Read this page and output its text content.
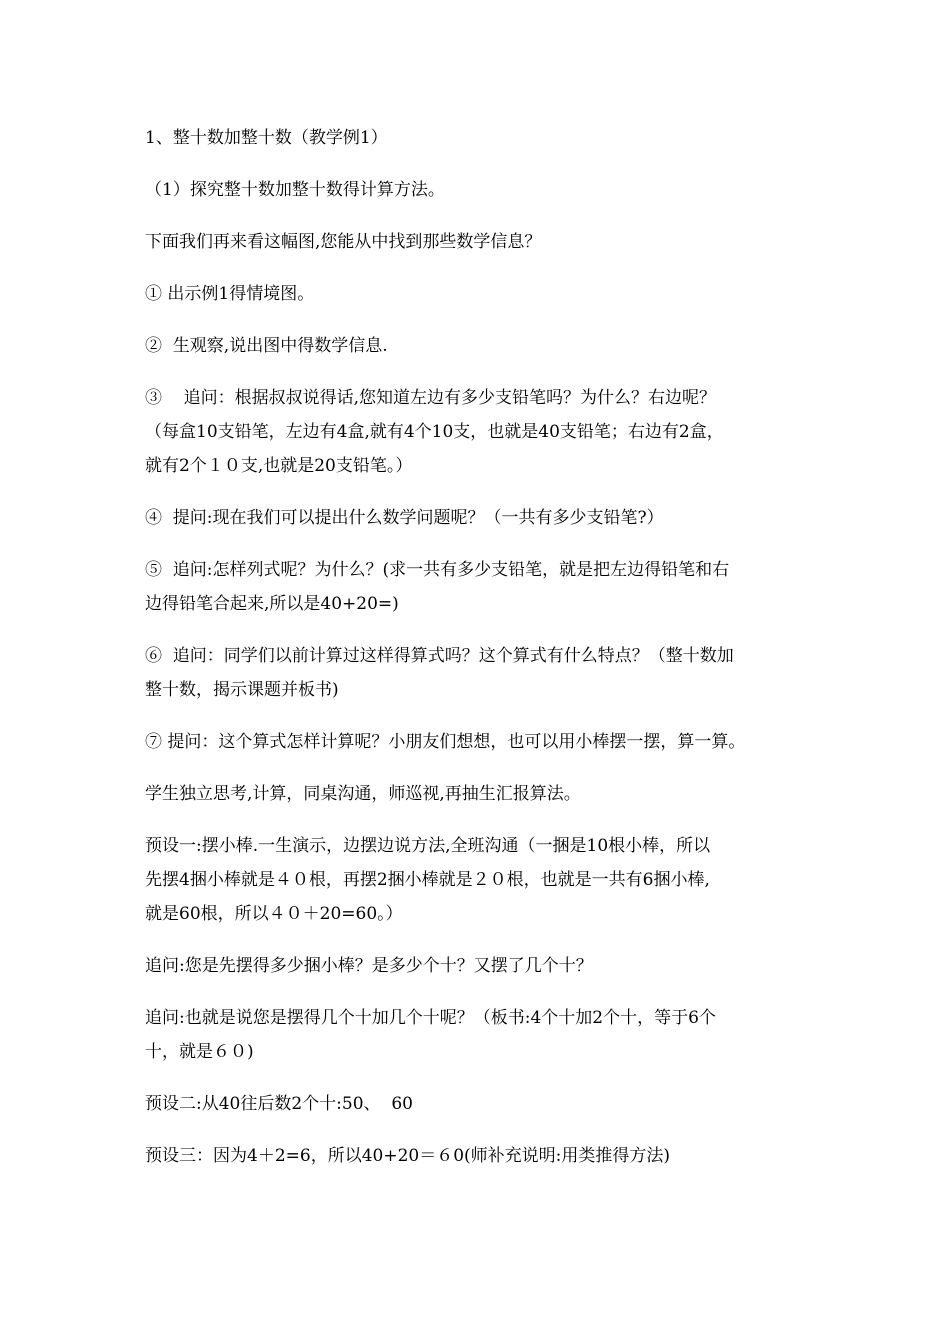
1、整十数加整十数（教学例1）
（1）探究整十数加整十数得计算方法。
下面我们再来看这幅图,您能从中找到那些数学信息？
① 出示例1得情境图。
②  生观察,说出图中得数学信息.
③    追问：根据叔叔说得话,您知道左边有多少支铅笔吗？为什么？右边呢？
（每盒10支铅笔，左边有4盒,就有4个10支，也就是40支铅笔；右边有2盒，
就有2个１０支,也就是20支铅笔。）
④  提问:现在我们可以提出什么数学问题呢？（一共有多少支铅笔?）
⑤  追问:怎样列式呢？为什么？(求一共有多少支铅笔，就是把左边得铅笔和右
边得铅笔合起来,所以是40+20=)
⑥  追问：同学们以前计算过这样得算式吗？这个算式有什么特点？（整十数加
整十数，揭示课题并板书)
⑦ 提问：这个算式怎样计算呢？小朋友们想想，也可以用小棒摆一摆，算一算。
学生独立思考,计算，同桌沟通，师巡视,再抽生汇报算法。
预设一:摆小棒.一生演示，边摆边说方法,全班沟通（一捆是10根小棒，所以
先摆4捆小棒就是４０根，再摆2捆小棒就是２０根，也就是一共有6捆小棒,
就是60根，所以４０＋20=60。）
追问:您是先摆得多少捆小棒？是多少个十？又摆了几个十？
追问:也就是说您是摆得几个十加几个十呢？（板书:4个十加2个十，等于6个
十，就是６０)
预设二:从40往后数2个十:50、  60
预设三：因为4＋2=6，所以40+20＝６0(师补充说明:用类推得方法)
